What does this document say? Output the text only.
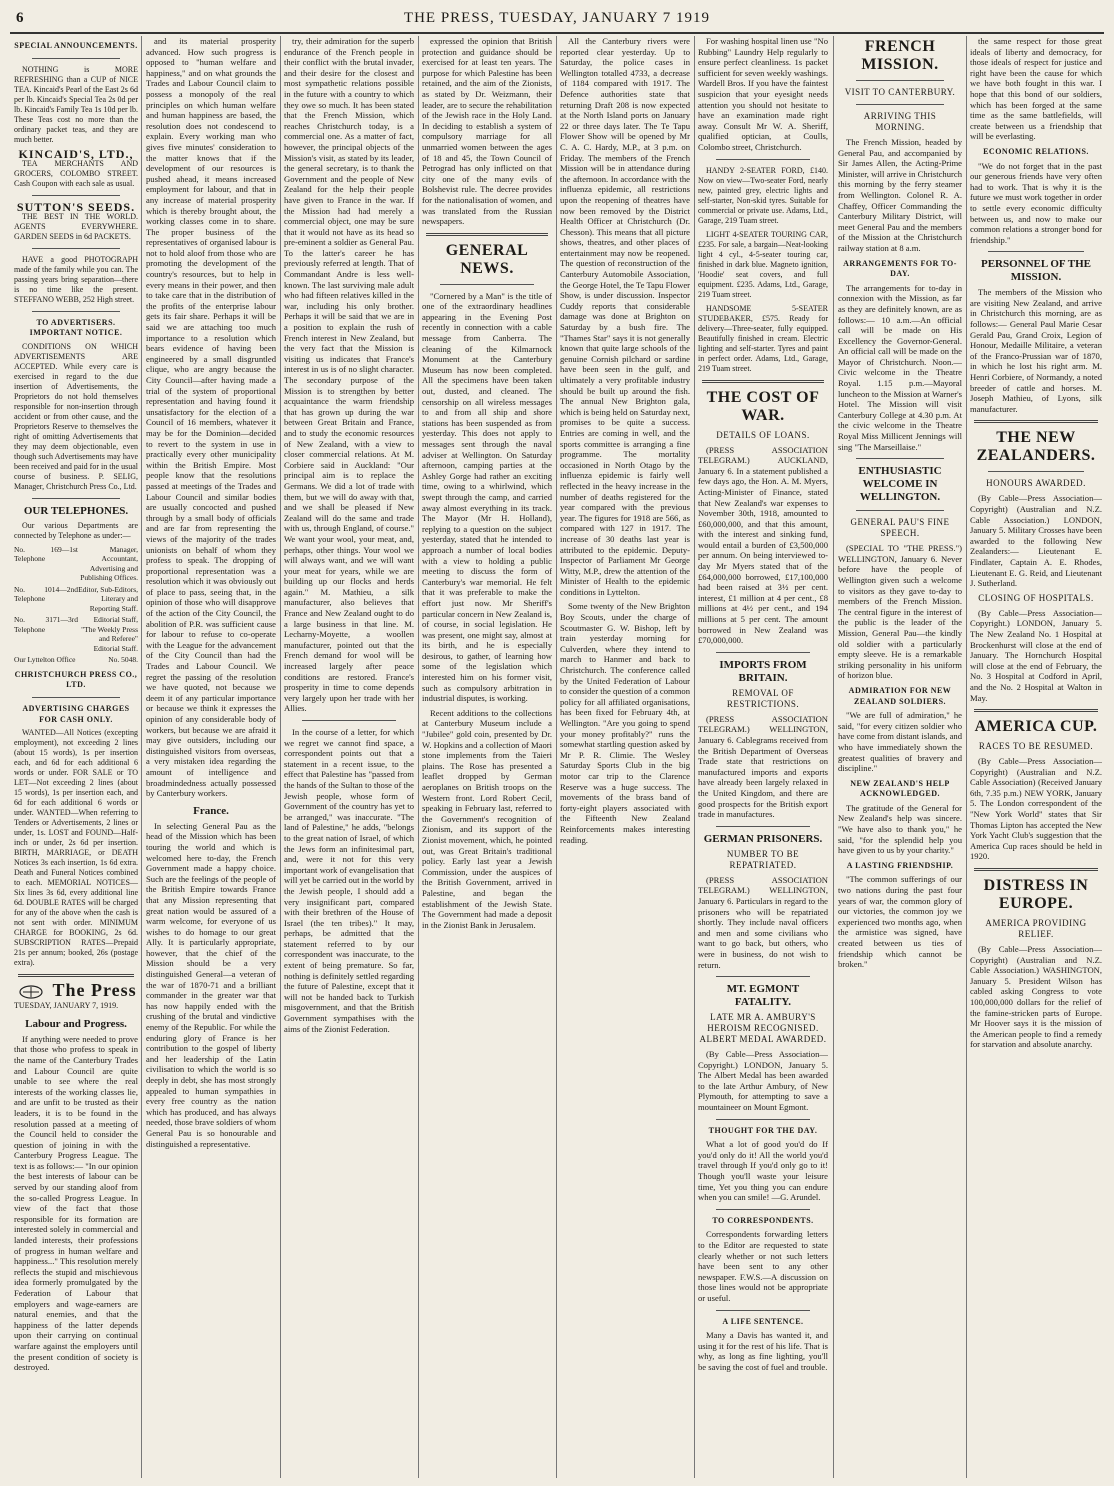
6	THE PRESS, TUESDAY, JANUARY 7 1919
SPECIAL ANNOUNCEMENTS.

NOTHING is MORE REFRESHING than a CUP of NICE TEA. Kincaid's Pearl of the East 2s 6d per lb. Kincaid's Special Tea 2s 0d per lb. Kincaid's Family Tea 1s 10d per lb. These Teas cost no more than the ordinary packet teas, and they are much better.

KINCAID'S, LTD.,

TEA MERCHANTS AND GROCERS, COLOMBO STREET. Cash Coupon with each sale as usual.

SUTTON'S SEEDS.

THE BEST IN THE WORLD. AGENTS EVERYWHERE. GARDEN SEEDS in 6d PACKETS.

HAVE a good PHOTOGRAPH made of the family while you can. The passing years bring separation—there is no time like the present. STEFFANO WEBB, 252 High street.

TO ADVERTISERS. IMPORTANT NOTICE.

CONDITIONS ON WHICH ADVERTISEMENTS ARE ACCEPTED. While every care is exercised in regard to the due insertion of Advertisements, the Proprietors do not hold themselves responsible for non-insertion through accident or from other cause, and the Proprietors Reserve to themselves the right of omitting Advertisements that they may deem objectionable, even though such Advertisements may have been received and paid for in the usual course of business. P. SELIG, Manager, Christchurch Press Co., Ltd.

OUR TELEPHONES.

Our various Departments are connected by Telephone as under:—

No. 169—1st Telephone
Manager, Accountant, Advertising and Publishing Offices.
No. 1014—2nd Telephone
Editor, Sub-Editors, Literary and Reporting Staff.
No. 3171—3rd Telephone
Editorial Staff, "The Weekly Press and Referee" Editorial Staff.
Our Lyttelton Office	No. 5048.
CHRISTCHURCH PRESS CO., LTD.
ADVERTISING CHARGES FOR CASH ONLY.

WANTED—All Notices (excepting employment), not exceeding 2 lines (about 15 words), 1s per insertion each, and 6d for each additional 6 words or under. FOR SALE or TO LET—Not exceeding 2 lines (about 15 words), 1s per insertion each, and 6d for each additional 6 words or under. WANTED—When referring to Tenders or Advertisements, 2 lines or under, 1s. LOST and FOUND—Half-inch or under, 2s 6d per insertion. BIRTH, MARRIAGE, or DEATH Notices 3s each insertion, 1s 6d extra. Death and Funeral Notices combined to each. MEMORIAL NOTICES—Six lines 3s 6d, every additional line 6d. DOUBLE RATES will be charged for any of the above when the cash is not sent with order. MINIMUM CHARGE for BOOKING, 2s 6d. SUBSCRIPTION RATES—Prepaid 21s per annum; booked, 26s (postage extra).

The Press
TUESDAY, JANUARY 7, 1919.
Labour and Progress.

If anything were needed to prove that those who profess to speak in the name of the Canterbury Trades and Labour Council are quite unable to see where the real interests of the working classes lie, and are unfit to be trusted as their leaders, it is to be found in the resolution passed at a meeting of the Council held to consider the question of joining in with the Canterbury Progress League. The text is as follows:— "In our opinion the best interests of labour can be served by our standing aloof from the so-called Progress League. In view of the fact that those responsible for its formation are interested solely in commercial and landed interests, their professions of progress in human welfare and happiness..." This resolution merely reflects the stupid and mischievous idea formerly promulgated by the Federation of Labour that employers and wage-earners are natural enemies, and that the happiness of the latter depends upon their carrying on continual warfare against the employers until the present condition of society is destroyed.

and its material prosperity advanced. How such progress is opposed to "human welfare and happiness," and on what grounds the Trades and Labour Council claim to possess a monopoly of the real principles on which human welfare and human happiness are based, the resolution does not condescend to explain. Every working man who gives five minutes' consideration to the matter knows that if the development of our resources is pushed ahead, it means increased employment for labour, and that in any increase of material prosperity which is thereby brought about, the working classes come in to share. The proper business of the representatives of organised labour is not to hold aloof from those who are promoting the development of the country's resources, but to help in every means in their power, and then to take care that in the distribution of the profits of the enterprise labour gets its fair share. Perhaps it will be said we are attaching too much importance to a resolution which bears evidence of having been engineered by a small disgruntled clique, who are angry because the City Council—after having made a trial of the system of proportional representation and having found it unsatisfactory for the election of a Council of 16 members, whatever it may be for the Dominion—decided to revert to the system in use in practically every other municipality within the British Empire. Most people know that the resolutions passed at meetings of the Trades and Labour Council and similar bodies are usually concocted and pushed through by a small body of officials and are far from representing the views of the majority of the trades unionists on behalf of whom they profess to speak. The dropping of proportional representation was a resolution which it was obviously out of place to pass, seeing that, in the opinion of those who will disapprove of the action of the City Council, the abolition of P.R. was sufficient cause for labour to refuse to co-operate with the League for the advancement of the City Council than had the Trades and Labour Council. We regret the passing of the resolution we have quoted, not because we deem it of any particular importance or because we think it expresses the opinion of any considerable body of workers, but because we are afraid it may give outsiders, including our distinguished visitors from overseas, a very mistaken idea regarding the amount of intelligence and broadmindedness actually possessed by Canterbury workers.

France.

In selecting General Pau as the head of the Mission which has been touring the world and which is welcomed here to-day, the French Government made a happy choice. Such are the feelings of the people of the British Empire towards France that any Mission representing that great nation would be assured of a warm welcome, for everyone of us wishes to do homage to our great Ally. It is particularly appropriate, however, that the chief of the Mission should be a very distinguished General—a veteran of the war of 1870-71 and a brilliant commander in the greater war that has now happily ended with the crushing of the brutal and vindictive enemy of the Republic. For while the enduring glory of France is her contribution to the gospel of liberty and her leadership of the Latin civilisation to which the world is so deeply in debt, she has most strongly appealed to human sympathies in every free country as the nation which has produced, and has always needed, those brave soldiers of whom General Pau is so honourable and distinguished a representative.

try, their admiration for the superb endurance of the French people in their conflict with the brutal invader, and their desire for the closest and most sympathetic relations possible in the future with a country to which they owe so much. It has been stated that the French Mission, which reaches Christchurch today, is a commercial one. As a matter of fact, however, the principal objects of the Mission's visit, as stated by its leader, the general secretary, is to thank the Government and the people of New Zealand for the help their people have given to France in the war. If the Mission had had merely a commercial object, one may be sure that it would not have as its head so pre-eminent a soldier as General Pau. To the latter's career he has previously referred at length. That of Commandant Andre is less well-known. The last surviving male adult who had fifteen relatives killed in the war, including his only brother. Perhaps it will be said that we are in a position to explain the rush of French interest in New Zealand, but the very fact that the Mission is visiting us indicates that France's interest in us is of no slight character. The secondary purpose of the Mission is to strengthen by better acquaintance the warm friendship that has grown up during the war between Great Britain and France, and to study the economic resources of New Zealand, with a view to closer commercial relations. At M. Corbiere said in Auckland: "Our principal aim is to replace the Germans. We did a lot of trade with them, but we will do away with that, and we shall be pleased if New Zealand will do the same and trade with us, through England, of course." We want your wool, your meat, and, perhaps, other things. Your wool we will always want, and we will want your meat for years, while we are building up our flocks and herds again." M. Mathieu, a silk manufacturer, also believes that France and New Zealand ought to do a large business in that line. M. Lecharny-Moyette, a woollen manufacturer, pointed out that the French demand for wool will be increased largely after peace conditions are restored. France's prosperity in time to come depends very largely upon her trade with her Allies.

In the course of a letter, for which we regret we cannot find space, a correspondent points out that a statement in a recent issue, to the effect that Palestine has "passed from the hands of the Sultan to those of the Jewish people, whose form of Government of the country has yet to be arranged," was inaccurate. "The land of Palestine," he adds, "belongs to the great nation of Israel, of which the Jews form an infinitesimal part, and, were it not for this very important work of evangelisation that will yet be carried out in the world by the Jewish people, I should add a very insignificant part, compared with their brethren of the House of Israel (the ten tribes)." It may, perhaps, be admitted that the statement referred to by our correspondent was inaccurate, to the extent of being premature. So far, nothing is definitely settled regarding the future of Palestine, except that it will not be handed back to Turkish misgovernment, and that the British Government sympathises with the aims of the Zionist Federation.

expressed the opinion that British protection and guidance should be exercised for at least ten years. The purpose for which Palestine has been retained, and the aim of the Zionists, as stated by Dr. Weizmann, their leader, are to secure the rehabilitation of the Jewish race in the Holy Land. In deciding to establish a system of compulsory marriage for all unmarried women between the ages of 18 and 45, the Town Council of Petrograd has only inflicted on that city one of the many evils of Bolshevist rule. The decree provides for the nationalisation of women, and was translated from the Russian newspapers.

GENERAL NEWS.

"Cornered by a Man" is the title of one of the extraordinary headlines appearing in the Evening Post recently in connection with a cable message from Canberra. The cleaning of the Kilmarnock Monument at the Canterbury Museum has now been completed. All the specimens have been taken out, dusted, and cleaned. The censorship on all wireless messages to and from all ship and shore stations has been suspended as from yesterday. This does not apply to messages sent through the naval adviser at Wellington. On Saturday afternoon, camping parties at the Ashley Gorge had rather an exciting time, owing to a whirlwind, which swept through the camp, and carried away almost everything in its track. The Mayor (Mr H. Holland), replying to a question on the subject yesterday, stated that he intended to approach a number of local bodies with a view to holding a public meeting to discuss the form of Canterbury's war memorial. He felt that it was preferable to make the effort just now. Mr Sheriff's particular concern in New Zealand is, of course, in social legislation. He was present, one might say, almost at its birth, and he is especially desirous, to gather, of learning how some of the legislation which interested him on his former visit, such as compulsory arbitration in industrial disputes, is working.

Recent additions to the collections at Canterbury Museum include a "Jubilee" gold coin, presented by Dr. W. Hopkins and a collection of Maori stone implements from the Taieri plains. The Rose has presented a leaflet dropped by German aeroplanes on British troops on the Western front. Lord Robert Cecil, speaking in February last, referred to the Government's recognition of Zionism, and its support of the Zionist movement, which, he pointed out, was Great Britain's traditional policy. Early last year a Jewish Commission, under the auspices of the British Government, arrived in Palestine, and began the establishment of the Jewish State. The Government had made a deposit in the Zionist Bank in Jerusalem.

All the Canterbury rivers were reported clear yesterday. Up to Saturday, the police cases in Wellington totalled 4733, a decrease of 1184 compared with 1917. The Defence authorities state that returning Draft 208 is now expected at the North Island ports on January 22 or three days later. The Te Tapu Flower Show will be opened by Mr C. A. C. Hardy, M.P., at 3 p.m. on Friday. The members of the French Mission will be in attendance during the afternoon. In accordance with the influenza epidemic, all restrictions upon the reopening of theatres have now been removed by the District Health Officer at Christchurch (Dr. Chesson). This means that all picture shows, theatres, and other places of entertainment may now be reopened. The question of reconstruction of the Canterbury Automobile Association, the George Hotel, the Te Tapu Flower Show, is under discussion. Inspector Cuddy reports that considerable damage was done at Brighton on Saturday by a bush fire. The "Thames Star" says it is not generally known that quite large schools of the genuine Cornish pilchard or sardine have been seen in the gulf, and ultimately a very profitable industry should be built up around the fish. The annual New Brighton gala, which is being held on Saturday next, promises to be quite a success. Entries are coming in well, and the sports committee is arranging a fine programme. The mortality occasioned in North Otago by the influenza epidemic is fairly well reflected in the heavy increase in the number of deaths registered for the year compared with the previous year. The figures for 1918 are 566, as compared with 127 in 1917. The increase of 30 deaths last year is attributed to the epidemic. Deputy-Inspector of Parliament Mr George Witty, M.P., drew the attention of the Minister of Health to the epidemic conditions in Lyttelton.

Some twenty of the New Brighton Boy Scouts, under the charge of Scoutmaster G. W. Bishop, left by train yesterday morning for Culverden, where they intend to march to Hanmer and back to Christchurch. The conference called by the United Federation of Labour to consider the question of a common policy for all affiliated organisations, has been fixed for February 4th, at Wellington. "Are you going to spend your money profitably?" runs the somewhat startling question asked by Mr P. R. Climie. The Wesley Saturday Sports Club in the big motor car trip to the Clarence Reserve was a huge success. The movements of the brass band of forty-eight players associated with the Fifteenth New Zealand Reinforcements makes interesting reading.

For washing hospital linen use "No Rubbing" Laundry Help regularly to ensure perfect cleanliness. 1s packet sufficient for seven weekly washings. Wardell Bros. If you have the faintest suspicion that your eyesight needs attention you should not hesitate to have an examination made right away. Consult Mr W. A. Sheriff, qualified optician, at Coulls, Colombo street, Christchurch.

HANDY 2-SEATER FORD, £140. Now on view—Two-seater Ford, nearly new, painted grey, electric lights and self-starter, Non-skid tyres. Suitable for commercial or private use. Adams, Ltd., Garage, 219 Tuam street.

LIGHT 4-SEATER TOURING CAR, £235. For sale, a bargain—Neat-looking light 4 cyl., 4-5-seater touring car, finished in dark blue. Magneto ignition, 'Hoodie' seat covers, and full equipment. £235. Adams, Ltd., Garage, 219 Tuam street.

HANDSOME 5-SEATER STUDEBAKER, £575. Ready for delivery—Three-seater, fully equipped. Beautifully finished in cream. Electric lighting and self-starter. Tyres and paint in perfect order. Adams, Ltd., Garage, 219 Tuam street.

THE COST OF WAR.
DETAILS OF LOANS.

(PRESS ASSOCIATION TELEGRAM.) AUCKLAND, January 6. In a statement published a few days ago, the Hon. A. M. Myers, Acting-Minister of Finance, stated that New Zealand's war expenses to November 30th, 1918, amounted to £60,000,000, and that this amount, with the interest and sinking fund, would entail a burden of £3,500,000 per annum. On being interviewed to-day Mr Myers stated that of the £64,000,000 borrowed, £17,100,000 had been raised at 3½ per cent. interest, £1 million at 4 per cent., £8 millions at 4½ per cent., and 194 millions at 5 per cent. The amount borrowed in New Zealand was £70,000,000.

IMPORTS FROM BRITAIN.
REMOVAL OF RESTRICTIONS.

(PRESS ASSOCIATION TELEGRAM.) WELLINGTON, January 6. Cablegrams received from the British Department of Overseas Trade state that restrictions on manufactured imports and exports have already been largely relaxed in the United Kingdom, and there are good prospects for the British export trade in manufactures.

GERMAN PRISONERS.
NUMBER TO BE REPATRIATED.

(PRESS ASSOCIATION TELEGRAM.) WELLINGTON, January 6. Particulars in regard to the prisoners who will be repatriated shortly. They include naval officers and men and some civilians who want to go back, but others, who were in business, do not wish to return.

MT. EGMONT FATALITY.
LATE MR A. AMBURY'S HEROISM RECOGNISED. ALBERT MEDAL AWARDED.

(By Cable—Press Association—Copyright.) LONDON, January 5. The Albert Medal has been awarded to the late Arthur Ambury, of New Plymouth, for attempting to save a mountaineer on Mount Egmont.

THOUGHT FOR THE DAY.

What a lot of good you'd do If you'd only do it! All the world you'd travel through If you'd only go to it! Though you'll waste your leisure time, Yet you thing you can endure when you can smile! —G. Arundel.

TO CORRESPONDENTS.

Correspondents forwarding letters to the Editor are requested to state clearly whether or not such letters have been sent to any other newspaper. F.W.S.—A discussion on those lines would not be appropriate or useful.

A LIFE SENTENCE.

Many a Davis has wanted it, and using it for the rest of his life. That is why, as long as fine lighting, you'll be saving the cost of fuel and trouble.

FRENCH MISSION.
VISIT TO CANTERBURY.
ARRIVING THIS MORNING.

The French Mission, headed by General Pau, and accompanied by Sir James Allen, the Acting-Prime Minister, will arrive in Christchurch this morning by the ferry steamer from Wellington. Colonel R. A. Chaffey, Officer Commanding the Canterbury Military District, will meet General Pau and the members of the Mission at the Christchurch railway station at 8 a.m.

ARRANGEMENTS FOR TO-DAY.

The arrangements for to-day in connexion with the Mission, as far as they are definitely known, are as follows:— 10 a.m.—An official call will be made on His Excellency the Governor-General. An official call will be made on the Mayor of Christchurch. Noon.—Civic welcome in the Theatre Royal. 1.15 p.m.—Mayoral luncheon to the Mission at Warner's Hotel. The Mission will visit Canterbury College at 4.30 p.m. At the civic welcome in the Theatre Royal Miss Millicent Jennings will sing "The Marseillaise."

ENTHUSIASTIC WELCOME IN WELLINGTON.
GENERAL PAU'S FINE SPEECH.

(SPECIAL TO "THE PRESS.") WELLINGTON, January 6. Never before have the people of Wellington given such a welcome to visitors as they gave to-day to members of the French Mission. The central figure in the interest of the public is the leader of the Mission, General Pau—the kindly old soldier with a particularly empty sleeve. He is a remarkable striking personality in his uniform of horizon blue.

ADMIRATION FOR NEW ZEALAND SOLDIERS.

"We are full of admiration," he said, "for every citizen soldier who have come from distant islands, and who have immediately shown the greatest qualities of bravery and discipline."

NEW ZEALAND'S HELP ACKNOWLEDGED.

The gratitude of the General for New Zealand's help was sincere. "We have also to thank you," he said, "for the splendid help you have given to us by your charity."

A LASTING FRIENDSHIP.

"The common sufferings of our two nations during the past four years of war, the common glory of our victories, the common joy we experienced two months ago, when the armistice was signed, have created between us ties of friendship which cannot be broken."

the same respect for those great ideals of liberty and democracy, for those ideals of respect for justice and right have been the cause for which we have both fought in this war. I hope that this bond of our soldiers, which has been forged at the same time as the same battlefields, will create between us a friendship that will be everlasting.

ECONOMIC RELATIONS.

"We do not forget that in the past our generous friends have very often had to work. That is why it is the future we must work together in order to settle every economic difficulty between us, and now to make our common relations a stronger bond for friendship."

PERSONNEL OF THE MISSION.

The members of the Mission who are visiting New Zealand, and arrive in Christchurch this morning, are as follows:— General Paul Marie Cesar Gerald Pau, Grand Croix, Legion of Honour, Medaille Militaire, a veteran of the Franco-Prussian war of 1870, in which he lost his right arm. M. Henri Corbiere, of Normandy, a noted breeder of cattle and horses. M. Joseph Mathieu, of Lyons, silk manufacturer.

THE NEW ZEALANDERS.
HONOURS AWARDED.

(By Cable—Press Association—Copyright) (Australian and N.Z. Cable Association.) LONDON, January 5. Military Crosses have been awarded to the following New Zealanders:— Lieutenant E. Findlater, Captain A. E. Rhodes, Lieutenant E. G. Reid, and Lieutenant J. Sutherland.

CLOSING OF HOSPITALS.

(By Cable—Press Association—Copyright.) LONDON, January 5. The New Zealand No. 1 Hospital at Brockenhurst will close at the end of January. The Hornchurch Hospital will close at the end of February, the No. 3 Hospital at Codford in April, and the No. 2 Hospital at Walton in May.

AMERICA CUP.
RACES TO BE RESUMED.

(By Cable—Press Association—Copyright) (Australian and N.Z. Cable Association) (Received January 6th, 7.35 p.m.) NEW YORK, January 5. The London correspondent of the "New York World" states that Sir Thomas Lipton has accepted the New York Yacht Club's suggestion that the America Cup races should be held in 1920.

DISTRESS IN EUROPE.
AMERICA PROVIDING RELIEF.

(By Cable—Press Association—Copyright) (Australian and N.Z. Cable Association.) WASHINGTON, January 5. President Wilson has cabled asking Congress to vote 100,000,000 dollars for the relief of the famine-stricken parts of Europe. Mr Hoover says it is the mission of the American people to find a remedy for starvation and absolute anarchy.
